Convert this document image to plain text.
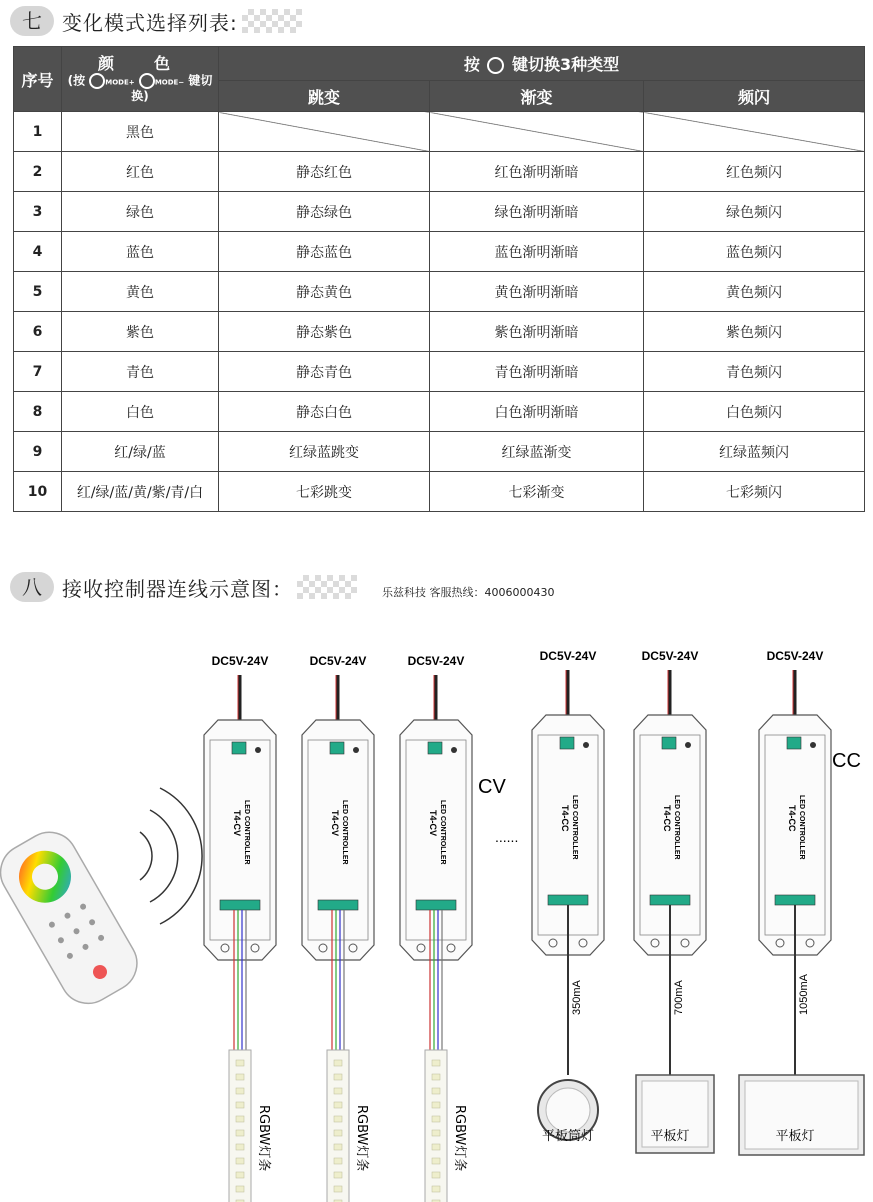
七	变化模式选择列表:
序号	颜　色
(按 MODE+ MODE− 键切换)	按 键切换3种类型		
		跳变	渐变	频闪
1	黑色			
2	红色	静态红色	红色渐明渐暗	红色频闪
3	绿色	静态绿色	绿色渐明渐暗	绿色频闪
4	蓝色	静态蓝色	蓝色渐明渐暗	蓝色频闪
5	黄色	静态黄色	黄色渐明渐暗	黄色频闪
6	紫色	静态紫色	紫色渐明渐暗	紫色频闪
7	青色	静态青色	青色渐明渐暗	青色频闪
8	白色	静态白色	白色渐明渐暗	白色频闪
9	红/绿/蓝	红绿蓝跳变	红绿蓝渐变	红绿蓝频闪
10	红/绿/蓝/黄/紫/青/白	七彩跳变	七彩渐变	七彩频闪
八	接收控制器连线示意图：	乐兹科技 客服热线：4006000430
DC5V-24V
LED CONTROLLER
T4-CV
RGBW灯条
DC5V-24V
LED CONTROLLER
T4-CV
RGBW灯条
DC5V-24V
LED CONTROLLER
T4-CV
RGBW灯条
CV
......
DC5V-24V
LED CONTROLLER
T4-CC
350mA
平板筒灯
DC5V-24V
LED CONTROLLER
T4-CC
700mA
平板灯
DC5V-24V
LED CONTROLLER
T4-CC
1050mA
平板灯
CC
